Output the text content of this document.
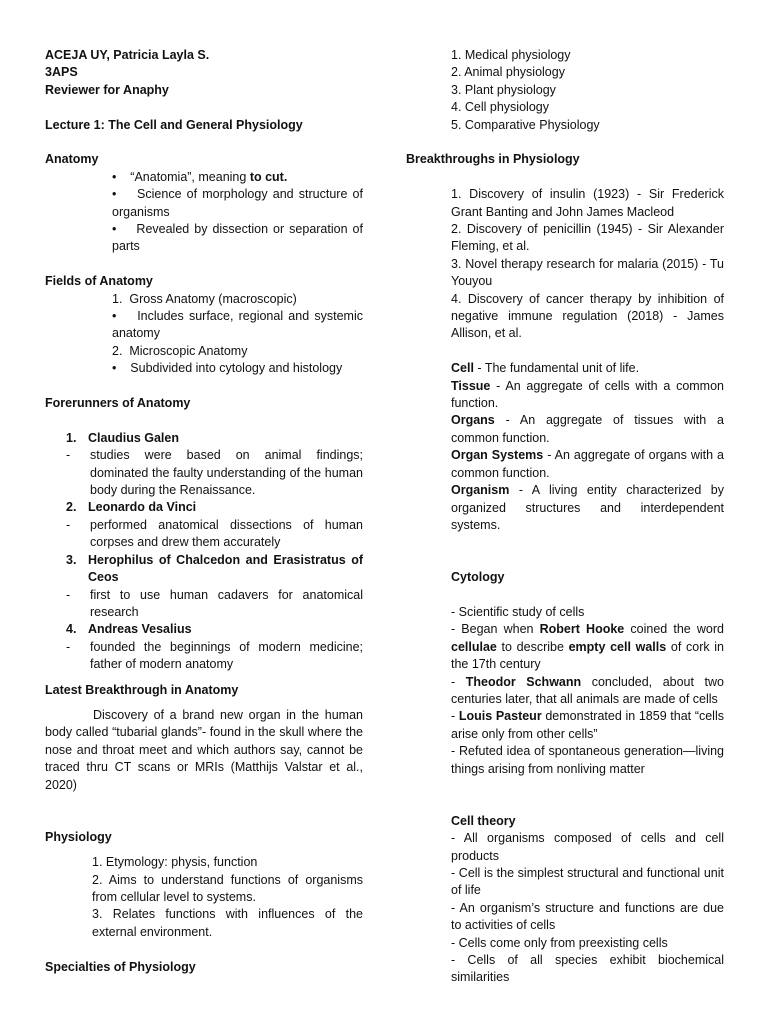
ACEJA UY, Patricia Layla S.

3APS

Reviewer for Anaphy

Lecture 1: The Cell and General Physiology

Anatomy

• “Anatomia”, meaning to cut.
• Science of morphology and structure of organisms
• Revealed by dissection or separation of parts

Fields of Anatomy

1.  Gross Anatomy (macroscopic)
• Includes surface, regional and systemic anatomy
2.  Microscopic Anatomy
• Subdivided into cytology and histology

Forerunners of Anatomy

1. Claudius Galen
- studies were based on animal findings; dominated the faulty understanding of the human body during the Renaissance.
2. Leonardo da Vinci
- performed anatomical dissections of human corpses and drew them accurately
3. Herophilus of Chalcedon and Erasistratus of Ceos
- first to use human cadavers for anatomical research
4. Andreas Vesalius
- founded the beginnings of modern medicine; father of modern anatomy

Latest Breakthrough in Anatomy

Discovery of a brand new organ in the human body called “tubarial glands”- found in the skull where the nose and throat meet and which authors say, cannot be traced thru CT scans or MRIs (Matthijs Valstar et al., 2020)

Physiology

1. Etymology: physis, function

2. Aims to understand functions of organisms from cellular level to systems.

3. Relates functions with influences of the external environment.

Specialties of Physiology

1. Medical physiology

2. Animal physiology

3. Plant physiology

4. Cell physiology

5. Comparative Physiology

Breakthroughs in Physiology

1. Discovery of insulin (1923) - Sir Frederick Grant Banting and John James Macleod

2. Discovery of penicillin (1945) - Sir Alexander Fleming, et al.

3. Novel therapy research for malaria (2015) - Tu Youyou

4. Discovery of cancer therapy by inhibition of negative immune regulation (2018) - James Allison, et al.

Cell - The fundamental unit of life.

Tissue - An aggregate of cells with a common function.

Organs - An aggregate of tissues with a common function.

Organ Systems - An aggregate of organs with a common function.

Organism - A living entity characterized by organized structures and interdependent systems.

Cytology

- Scientific study of cells

- Began when Robert Hooke coined the word cellulae to describe empty cell walls of cork in the 17th century

- Theodor Schwann concluded, about two centuries later, that all animals are made of cells

- Louis Pasteur demonstrated in 1859 that “cells arise only from other cells”

- Refuted idea of spontaneous generation—living things arising from nonliving matter

Cell theory

- All organisms composed of cells and cell products

- Cell is the simplest structural and functional unit of life

- An organism’s structure and functions are due to activities of cells

- Cells come only from preexisting cells

- Cells of all species exhibit biochemical similarities
